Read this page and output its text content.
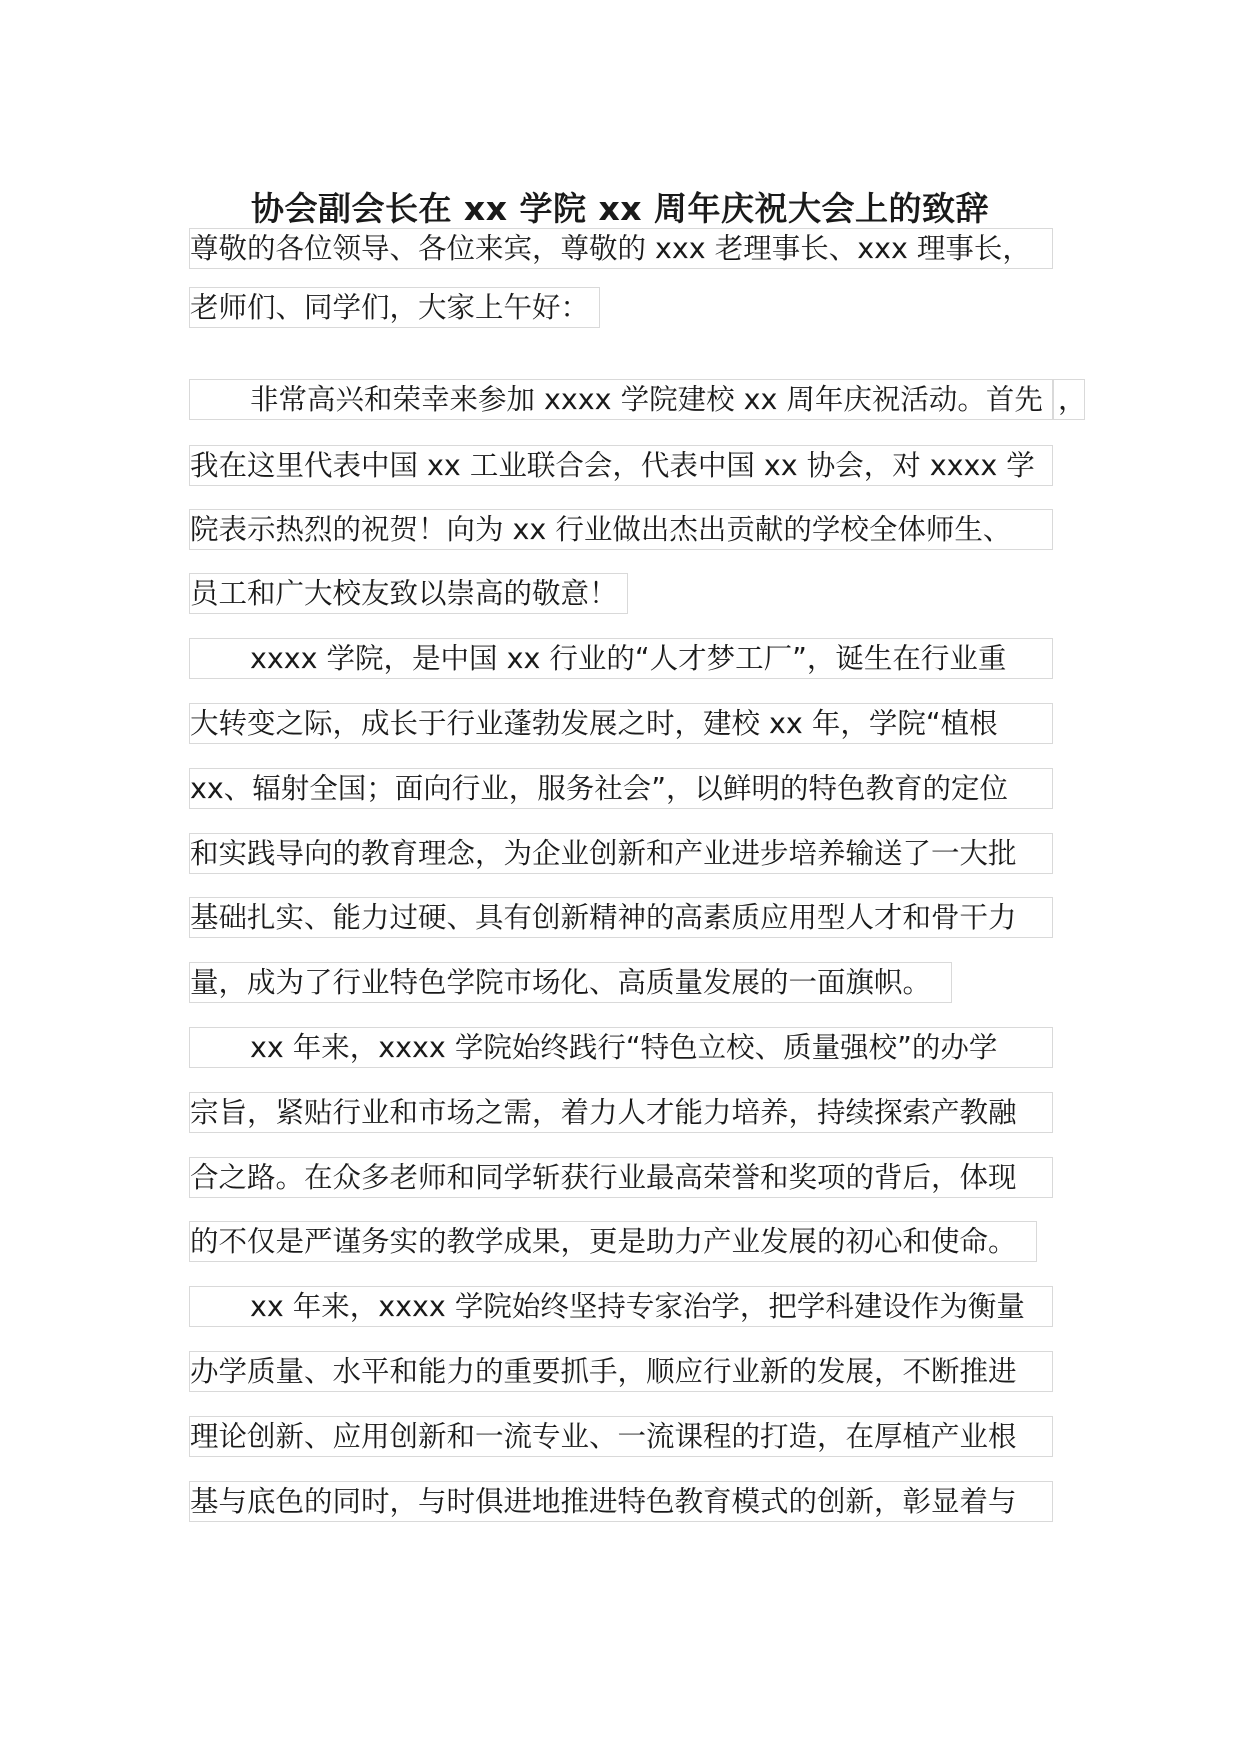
协会副会长在 xx 学院 xx 周年庆祝大会上的致辞
尊敬的各位领导、各位来宾，尊敬的 xxx 老理事长、xxx 理事长，
老师们、同学们，大家上午好：
非常高兴和荣幸来参加 xxxx 学院建校 xx 周年庆祝活动。首先 ，
我在这里代表中国 xx 工业联合会，代表中国 xx 协会，对 xxxx 学
院表示热烈的祝贺！向为 xx 行业做出杰出贡献的学校全体师生、
员工和广大校友致以崇高的敬意！
xxxx 学院，是中国 xx 行业的“人才梦工厂”，诞生在行业重
大转变之际，成长于行业蓬勃发展之时，建校 xx 年，学院“植根
xx、辐射全国；面向行业，服务社会”，以鲜明的特色教育的定位
和实践导向的教育理念，为企业创新和产业进步培养输送了一大批
基础扎实、能力过硬、具有创新精神的高素质应用型人才和骨干力
量，成为了行业特色学院市场化、高质量发展的一面旗帜。
xx 年来，xxxx 学院始终践行“特色立校、质量强校”的办学
宗旨，紧贴行业和市场之需，着力人才能力培养，持续探索产教融
合之路。在众多老师和同学斩获行业最高荣誉和奖项的背后，体现
的不仅是严谨务实的教学成果，更是助力产业发展的初心和使命。
xx 年来，xxxx 学院始终坚持专家治学，把学科建设作为衡量
办学质量、水平和能力的重要抓手，顺应行业新的发展，不断推进
理论创新、应用创新和一流专业、一流课程的打造，在厚植产业根
基与底色的同时，与时俱进地推进特色教育模式的创新，彰显着与
